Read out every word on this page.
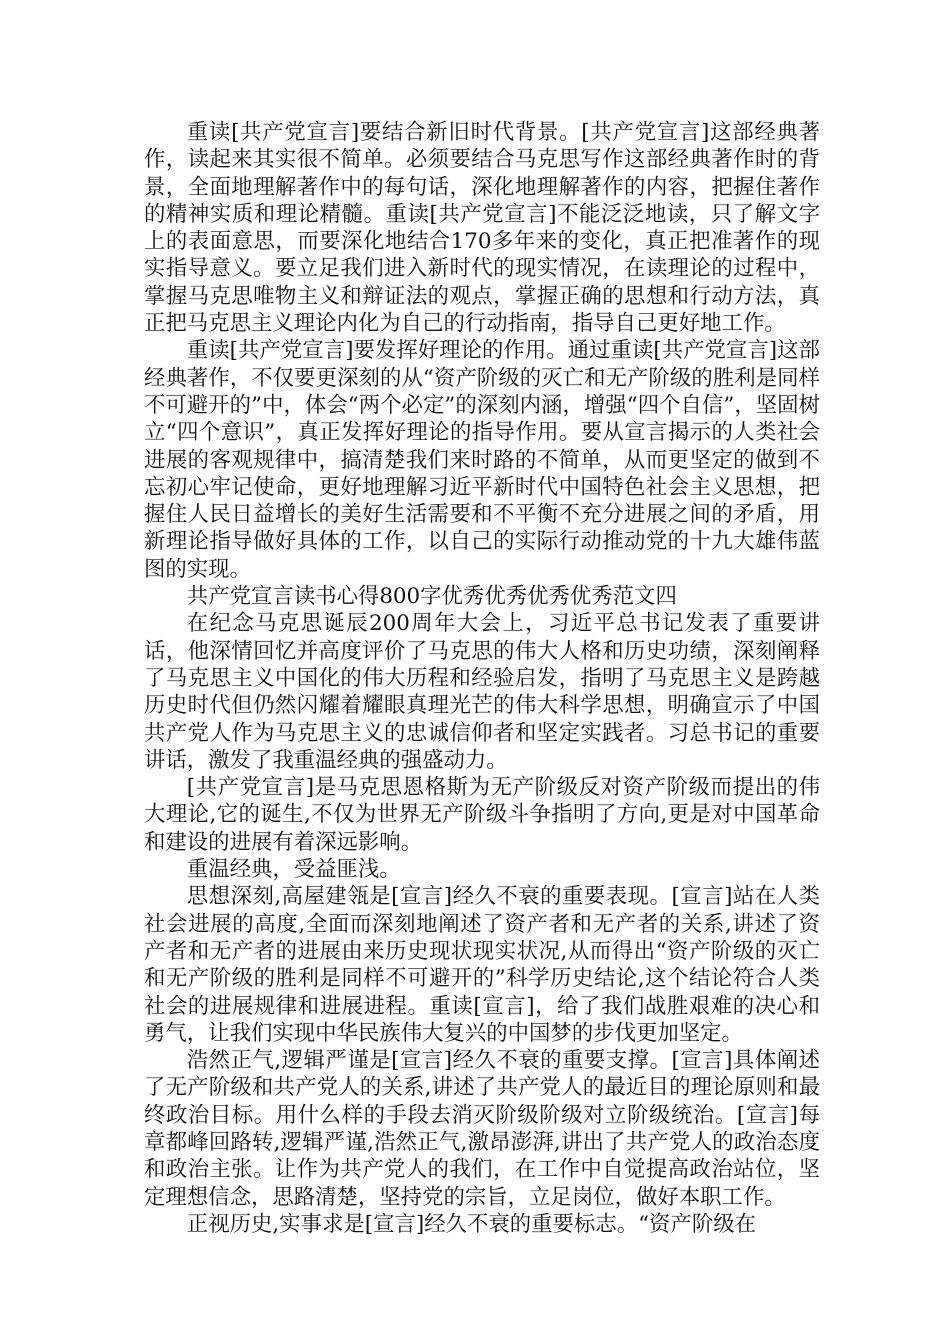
重读[共产党宣言]要结合新旧时代背景。[共产党宣言]这部经典著作，读起来其实很不简单。必须要结合马克思写作这部经典著作时的背景，全面地理解著作中的每句话，深化地理解著作的内容，把握住著作的精神实质和理论精髓。重读[共产党宣言]不能泛泛地读，只了解文字上的表面意思，而要深化地结合170多年来的变化，真正把准著作的现实指导意义。要立足我们进入新时代的现实情况，在读理论的过程中，掌握马克思唯物主义和辩证法的观点，掌握正确的思想和行动方法，真正把马克思主义理论内化为自己的行动指南，指导自己更好地工作。

重读[共产党宣言]要发挥好理论的作用。通过重读[共产党宣言]这部经典著作，不仅要更深刻的从“资产阶级的灭亡和无产阶级的胜利是同样不可避开的”中，体会“两个必定”的深刻内涵，增强“四个自信”，坚固树立“四个意识”，真正发挥好理论的指导作用。要从宣言揭示的人类社会进展的客观规律中，搞清楚我们来时路的不简单，从而更坚定的做到不忘初心牢记使命，更好地理解习近平新时代中国特色社会主义思想，把握住人民日益增长的美好生活需要和不平衡不充分进展之间的矛盾，用新理论指导做好具体的工作，以自己的实际行动推动党的十九大雄伟蓝图的实现。

共产党宣言读书心得800字优秀优秀优秀优秀范文四

在纪念马克思诞辰200周年大会上，习近平总书记发表了重要讲话，他深情回忆并高度评价了马克思的伟大人格和历史功绩，深刻阐释了马克思主义中国化的伟大历程和经验启发，指明了马克思主义是跨越历史时代但仍然闪耀着耀眼真理光芒的伟大科学思想，明确宣示了中国共产党人作为马克思主义的忠诚信仰者和坚定实践者。习总书记的重要讲话，激发了我重温经典的强盛动力。

[共产党宣言]是马克思恩格斯为无产阶级反对资产阶级而提出的伟大理论,它的诞生,不仅为世界无产阶级斗争指明了方向,更是对中国革命和建设的进展有着深远影响。

重温经典，受益匪浅。

思想深刻,高屋建瓴是[宣言]经久不衰的重要表现。[宣言]站在人类社会进展的高度,全面而深刻地阐述了资产者和无产者的关系,讲述了资产者和无产者的进展由来历史现状现实状况,从而得出“资产阶级的灭亡和无产阶级的胜利是同样不可避开的”科学历史结论,这个结论符合人类社会的进展规律和进展进程。重读[宣言]，给了我们战胜艰难的决心和勇气，让我们实现中华民族伟大复兴的中国梦的步伐更加坚定。

浩然正气,逻辑严谨是[宣言]经久不衰的重要支撑。[宣言]具体阐述了无产阶级和共产党人的关系,讲述了共产党人的最近目的理论原则和最终政治目标。用什么样的手段去消灭阶级阶级对立阶级统治。[宣言]每章都峰回路转,逻辑严谨,浩然正气,激昂澎湃,讲出了共产党人的政治态度和政治主张。让作为共产党人的我们，在工作中自觉提高政治站位，坚定理想信念，思路清楚，坚持党的宗旨，立足岗位，做好本职工作。

正视历史,实事求是[宣言]经久不衰的重要标志。“资产阶级在
